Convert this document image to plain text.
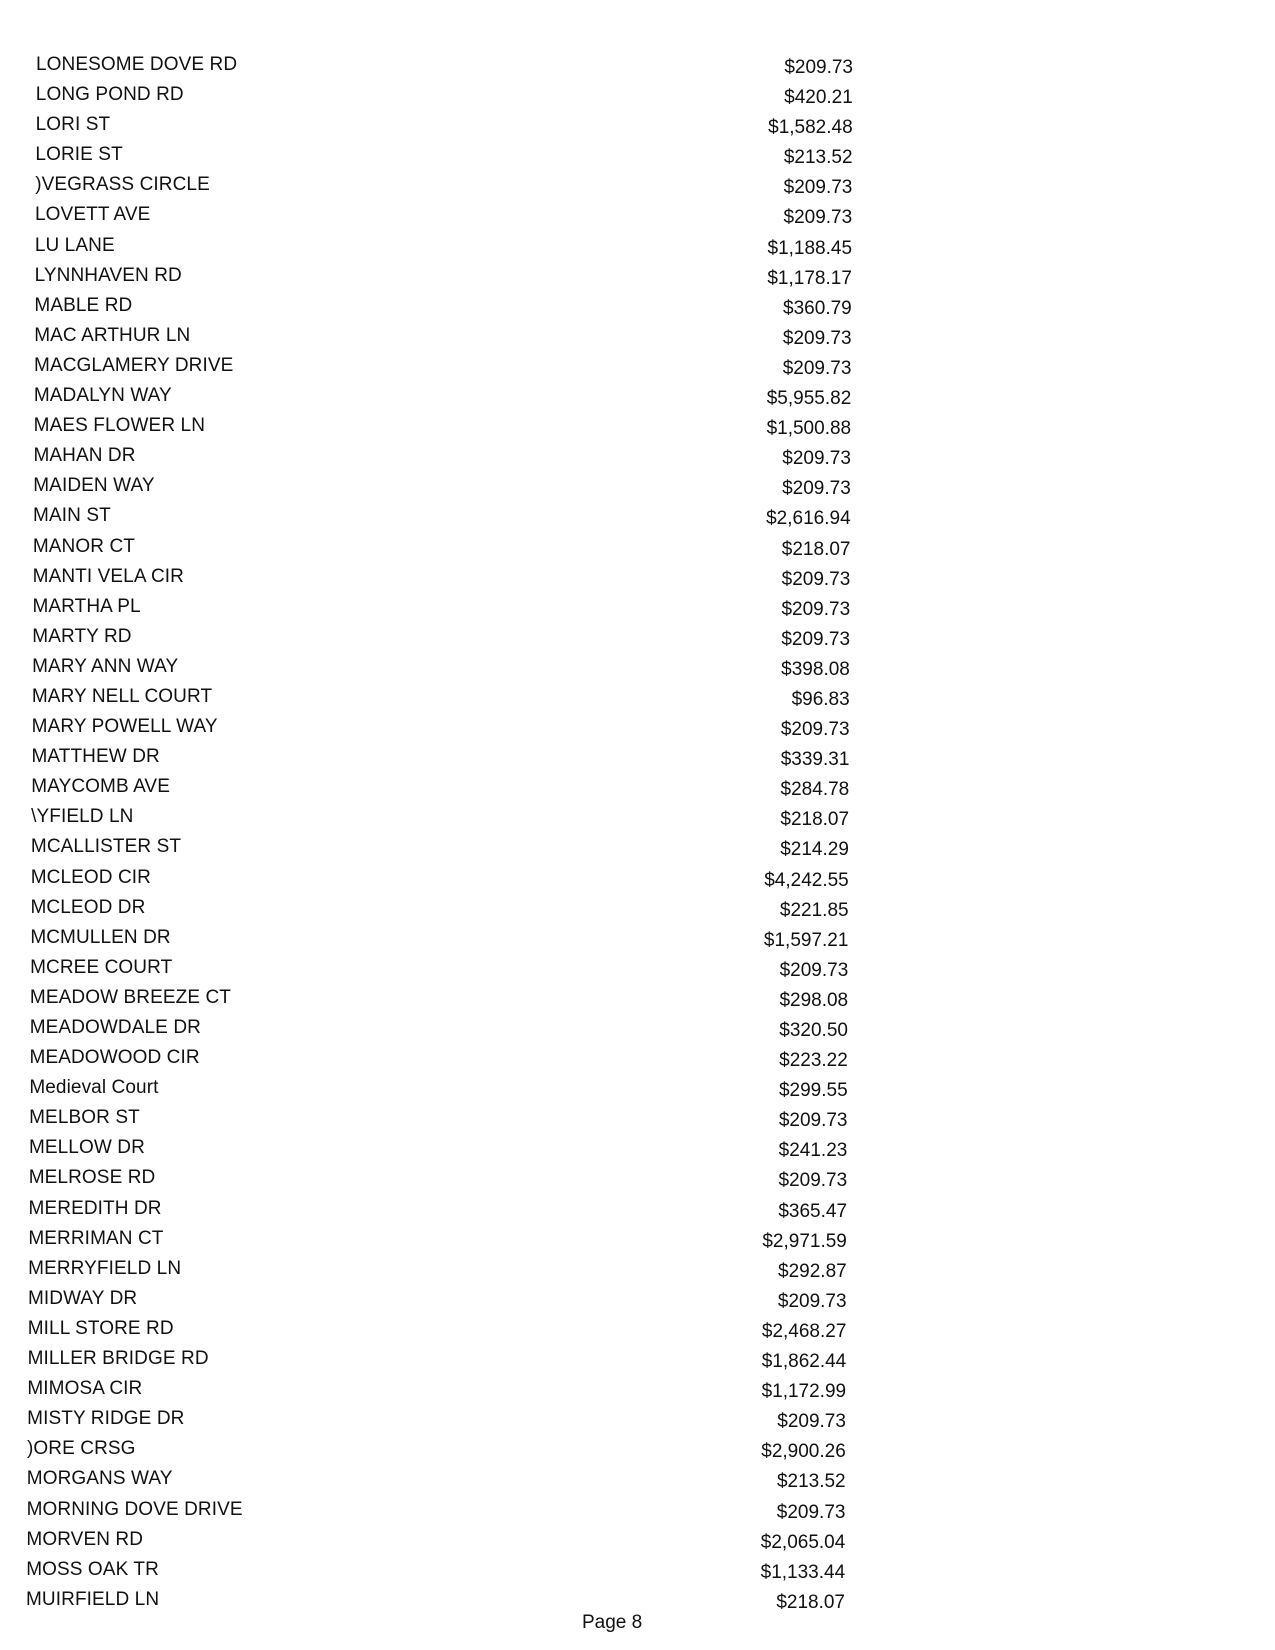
LONESOME DOVE RD	$209.73
LONG POND RD	$420.21
LORI ST	$1,582.48
LORIE ST	$213.52
)VEGRASS CIRCLE	$209.73
LOVETT AVE	$209.73
LU LANE	$1,188.45
LYNNHAVEN RD	$1,178.17
MABLE RD	$360.79
MAC ARTHUR LN	$209.73
MACGLAMERY DRIVE	$209.73
MADALYN WAY	$5,955.82
MAES FLOWER LN	$1,500.88
MAHAN DR	$209.73
MAIDEN WAY	$209.73
MAIN ST	$2,616.94
MANOR CT	$218.07
MANTI VELA CIR	$209.73
MARTHA PL	$209.73
MARTY RD	$209.73
MARY ANN WAY	$398.08
MARY NELL COURT	$96.83
MARY POWELL WAY	$209.73
MATTHEW DR	$339.31
MAYCOMB AVE	$284.78
\YFIELD LN	$218.07
MCALLISTER ST	$214.29
MCLEOD CIR	$4,242.55
MCLEOD DR	$221.85
MCMULLEN DR	$1,597.21
MCREE COURT	$209.73
MEADOW BREEZE CT	$298.08
MEADOWDALE DR	$320.50
MEADOWOOD CIR	$223.22
Medieval Court	$299.55
MELBOR ST	$209.73
MELLOW DR	$241.23
MELROSE RD	$209.73
MEREDITH DR	$365.47
MERRIMAN CT	$2,971.59
MERRYFIELD LN	$292.87
MIDWAY DR	$209.73
MILL STORE RD	$2,468.27
MILLER BRIDGE RD	$1,862.44
MIMOSA CIR	$1,172.99
MISTY RIDGE DR	$209.73
)ORE CRSG	$2,900.26
MORGANS WAY	$213.52
MORNING DOVE DRIVE	$209.73
MORVEN RD	$2,065.04
MOSS OAK TR	$1,133.44
MUIRFIELD LN	$218.07
Page 8
